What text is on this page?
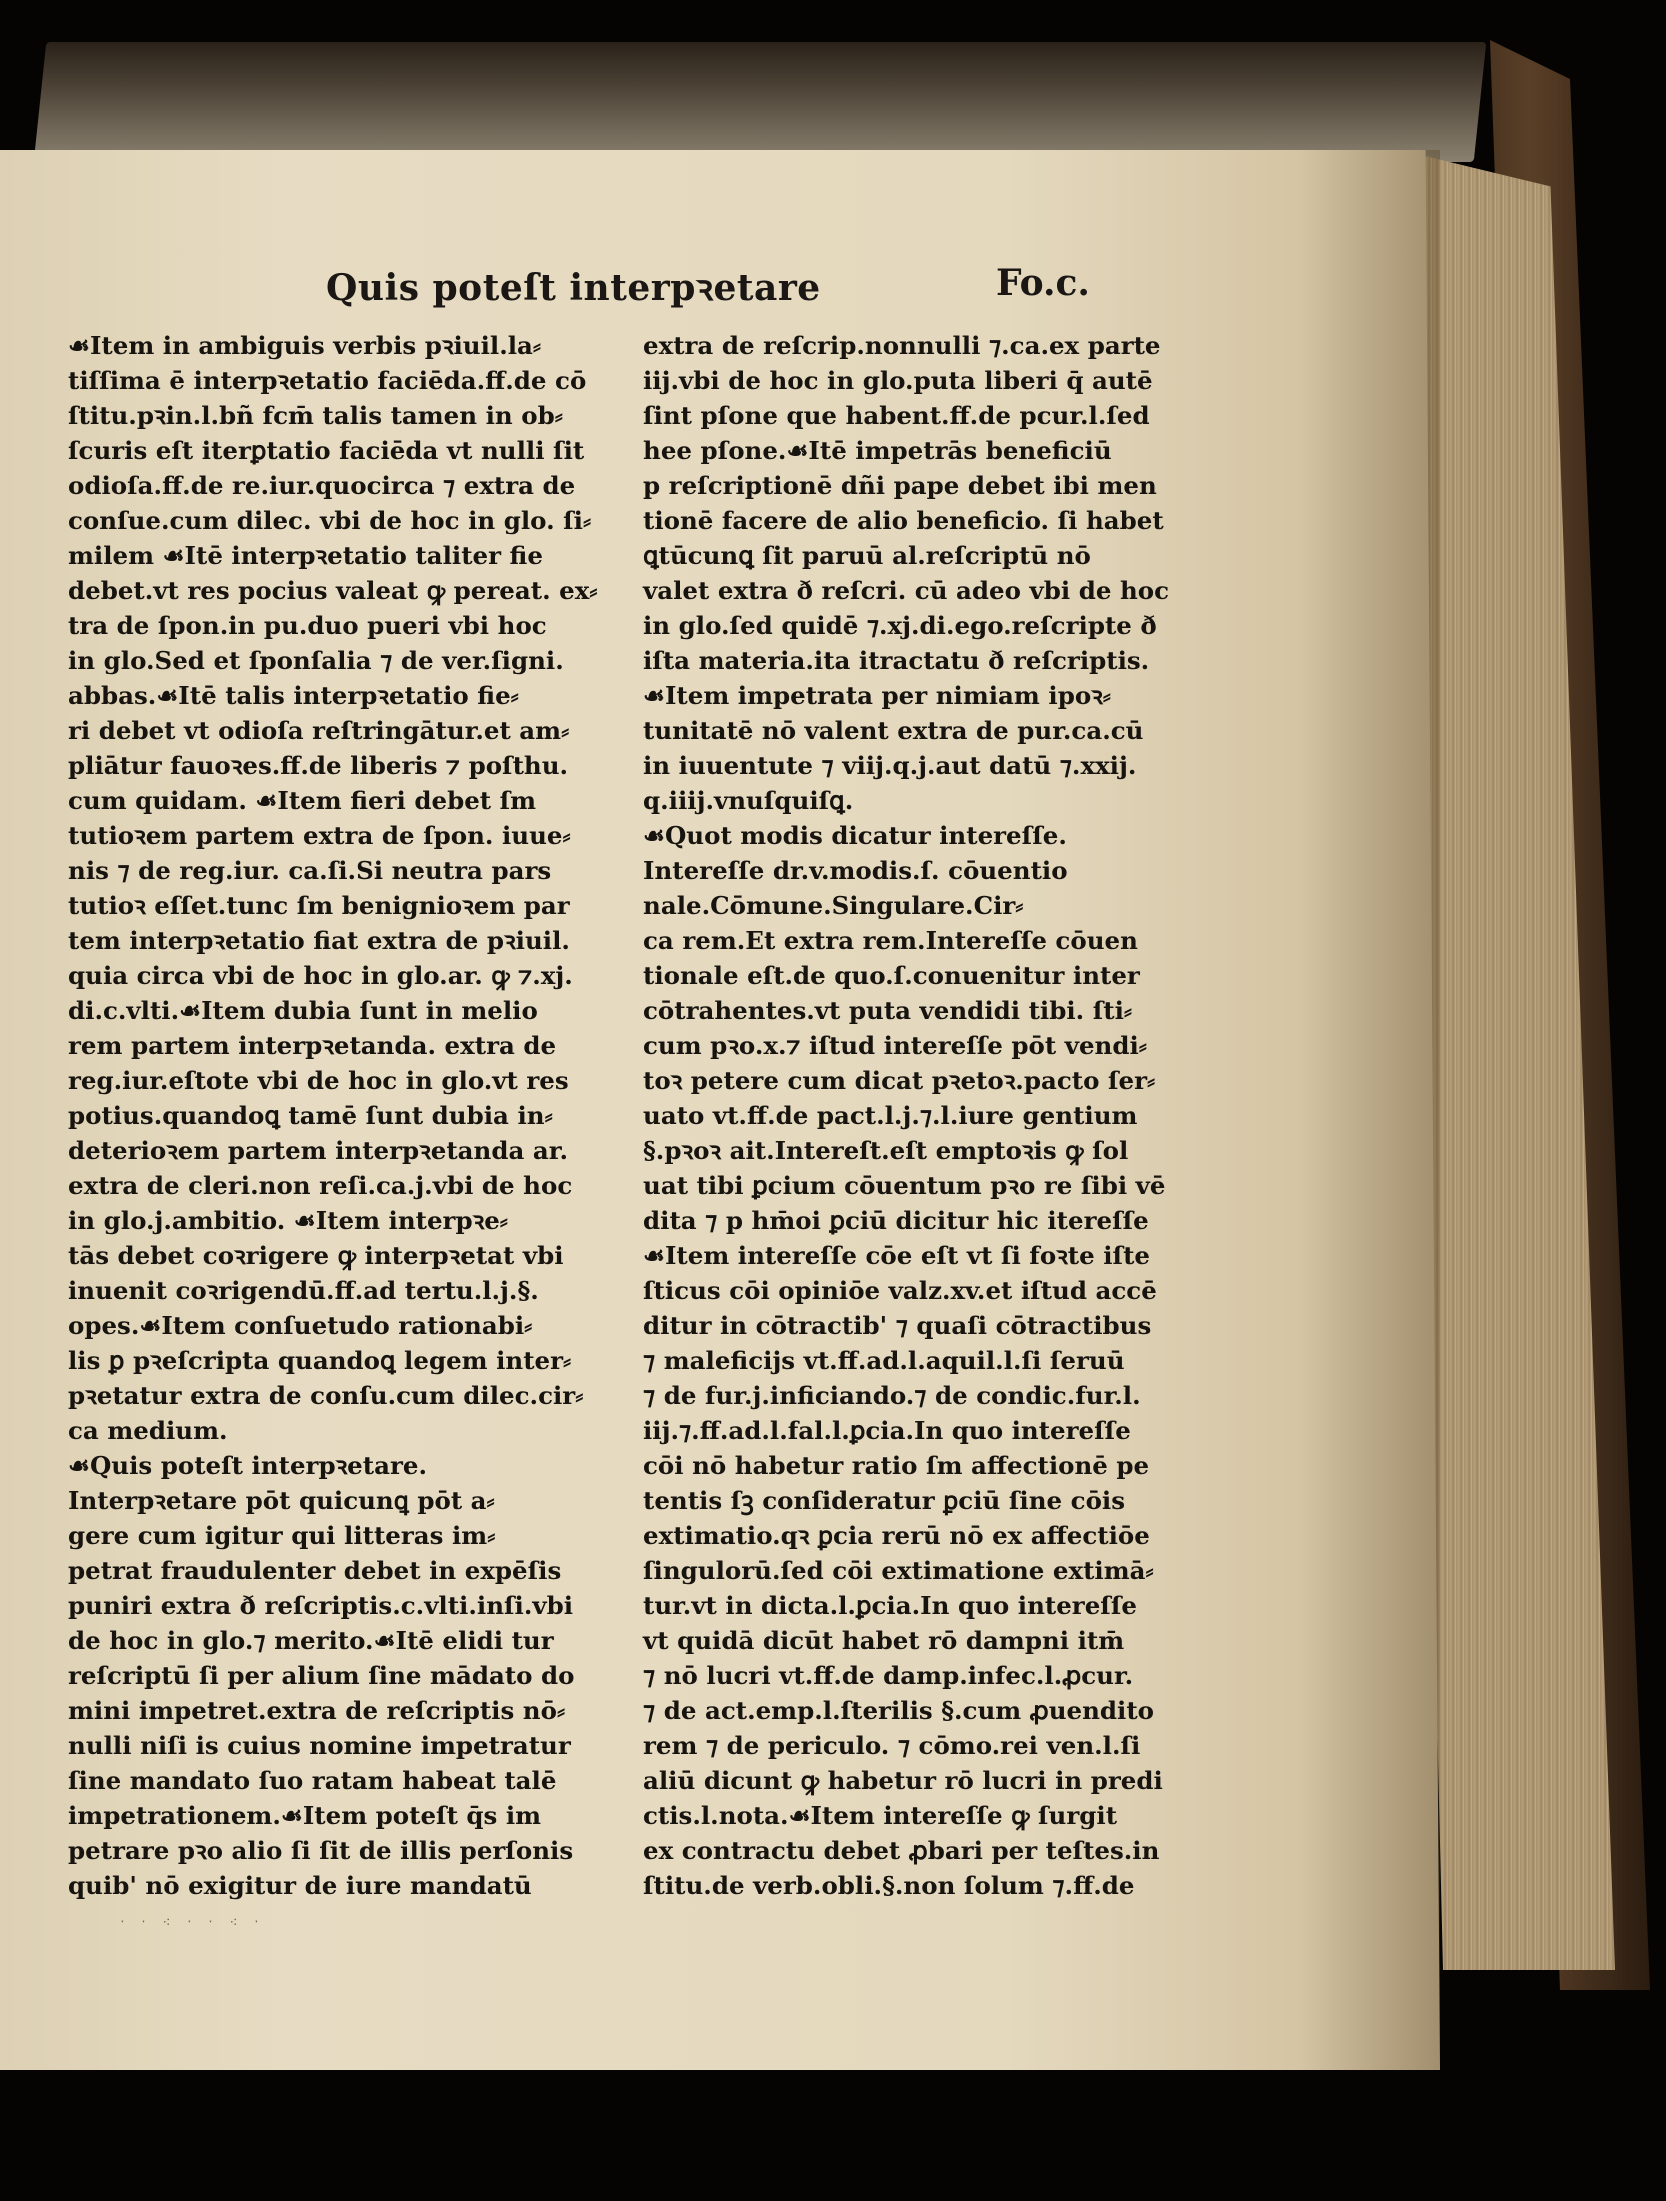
Quis poteſt interpꝛetare	Fo.c.
☙Item in ambiguis verbis pꝛiuil.la⸗
tiſſima ē interpꝛetatio faciēda.ff.de cō
ſtitu.pꝛin.l.bñ fcm̄ talis tamen in ob⸗
ſcuris eſt iterꝑtatio faciēda vt nulli ſit
odioſa.ff.de re.iur.quocirca ⁊ extra de
conſue.cum dilec. vbi de hoc in glo. ſi⸗
milem ☙Itē interpꝛetatio taliter fie
debet.vt res pocius valeat ꝙ pereat. ex⸗
tra de ſpon.in pu.duo pueri vbi hoc
in glo.Sed et ſponſalia ⁊ de ver.ſigni.
abbas.☙Itē talis interpꝛetatio fie⸗
ri debet vt odioſa reſtringātur.et am⸗
pliātur fauoꝛes.ff.de liberis ⁊ poſthu.
cum quidam. ☙Item fieri debet ſm
tutioꝛem partem extra de ſpon. iuue⸗
nis ⁊ de reg.iur. ca.ſi.Si neutra pars
tutioꝛ eſſet.tunc ſm benignioꝛem par
tem interpꝛetatio fiat extra de pꝛiuil.
quia circa vbi de hoc in glo.ar. ꝙ ⁊.xj.
di.c.vlti.☙Item dubia ſunt in melio
rem partem interpꝛetanda. extra de
reg.iur.eſtote vbi de hoc in glo.vt res
potius.quandoꝗ tamē ſunt dubia in⸗
deterioꝛem partem interpꝛetanda ar.
extra de cleri.non reſi.ca.j.vbi de hoc
in glo.j.ambitio. ☙Item interpꝛe⸗
tās debet coꝛrigere ꝙ interpꝛetat vbi
inuenit coꝛrigendū.ff.ad tertu.l.j.§.
opes.☙Item conſuetudo rationabi⸗
lis ꝑ pꝛeſcripta quandoꝗ legem inter⸗
pꝛetatur extra de conſu.cum dilec.cir⸗
ca medium.
☙Quis poteſt interpꝛetare.
Interpꝛetare pōt quicunꝗ pōt a⸗
gere cum igitur qui litteras im⸗
petrat fraudulenter debet in expēſis
puniri extra ð reſcriptis.c.vlti.inſi.vbi
de hoc in glo.⁊ merito.☙Itē elidi tur
reſcriptū ſi per alium ſine mādato do
mini impetret.extra de reſcriptis nō⸗
nulli niſi is cuius nomine impetratur
ſine mandato ſuo ratam habeat talē
impetrationem.☙Item poteſt q̄s im
petrare pꝛo alio ſi ſit de illis perſonis
quib' nō exigitur de iure mandatū
extra de reſcrip.nonnulli ⁊.ca.ex parte
iij.vbi de hoc in glo.puta liberi q̄ autē
ſint pſone que habent.ff.de pcur.l.ſed
hee pſone.☙Itē impetrās beneficiū
p reſcriptionē dñi pape debet ibi men
tionē facere de alio beneficio. ſi habet
ꝗtūcunꝗ ſit paruū al.reſcriptū nō
valet extra ð reſcri. cū adeo vbi de hoc
in glo.ſed quidē ⁊.xj.di.ego.reſcripte ð
iſta materia.ita itractatu ð reſcriptis.
☙Item impetrata per nimiam ipoꝛ⸗
tunitatē nō valent extra de pur.ca.cū
in iuuentute ⁊ viij.q.j.aut datū ⁊.xxij.
q.iiij.vnuſquiſꝗ.
☙Quot modis dicatur intereſſe.
Intereſſe dr.v.modis.ſ. cōuentio
nale.Cōmune.Singulare.Cir⸗
ca rem.Et extra rem.Intereſſe cōuen
tionale eſt.de quo.ſ.conuenitur inter
cōtrahentes.vt puta vendidi tibi. ſti⸗
cum pꝛo.x.⁊ iſtud intereſſe pōt vendi⸗
toꝛ petere cum dicat pꝛetoꝛ.pacto ſer⸗
uato vt.ff.de pact.l.j.⁊.l.iure gentium
§.pꝛoꝛ ait.Intereſt.eſt emptoꝛis ꝙ ſol
uat tibi ꝑcium cōuentum pꝛo re ſibi vē
dita ⁊ p hm̄oi ꝑciū dicitur hic itereſſe
☙Item intereſſe cōe eſt vt ſi foꝛte iſte
ſticus cōi opiniōe valz.xv.et iſtud accē
ditur in cōtractib' ⁊ quaſi cōtractibus
⁊ maleficijs vt.ff.ad.l.aquil.l.ſi ſeruū
⁊ de fur.j.inficiando.⁊ de condic.fur.l.
iij.⁊.ff.ad.l.fal.l.ꝑcia.In quo intereſſe
cōi nō habetur ratio ſm affectionē pe
tentis ſꝫ conſideratur ꝑciū ſine cōis
extimatio.qꝛ ꝑcia rerū nō ex affectiōe
ſingulorū.ſed cōi extimatione extimā⸗
tur.vt in dicta.l.ꝑcia.In quo intereſſe
vt quidā dicūt habet rō dampni itm̄
⁊ nō lucri vt.ff.de damp.infec.l.ꝓcur.
⁊ de act.emp.l.ſterilis §.cum ꝓuendito
rem ⁊ de periculo. ⁊ cōmo.rei ven.l.ſi
aliū dicunt ꝙ habetur rō lucri in predi
ctis.l.nota.☙Item intereſſe ꝙ ſurgit
ex contractu debet ꝓbari per teſtes.in
ſtitu.de verb.obli.§.non ſolum ⁊.ff.de
ˑ ˑ ⁖ ˑ ˑ ⁖ ˑ
